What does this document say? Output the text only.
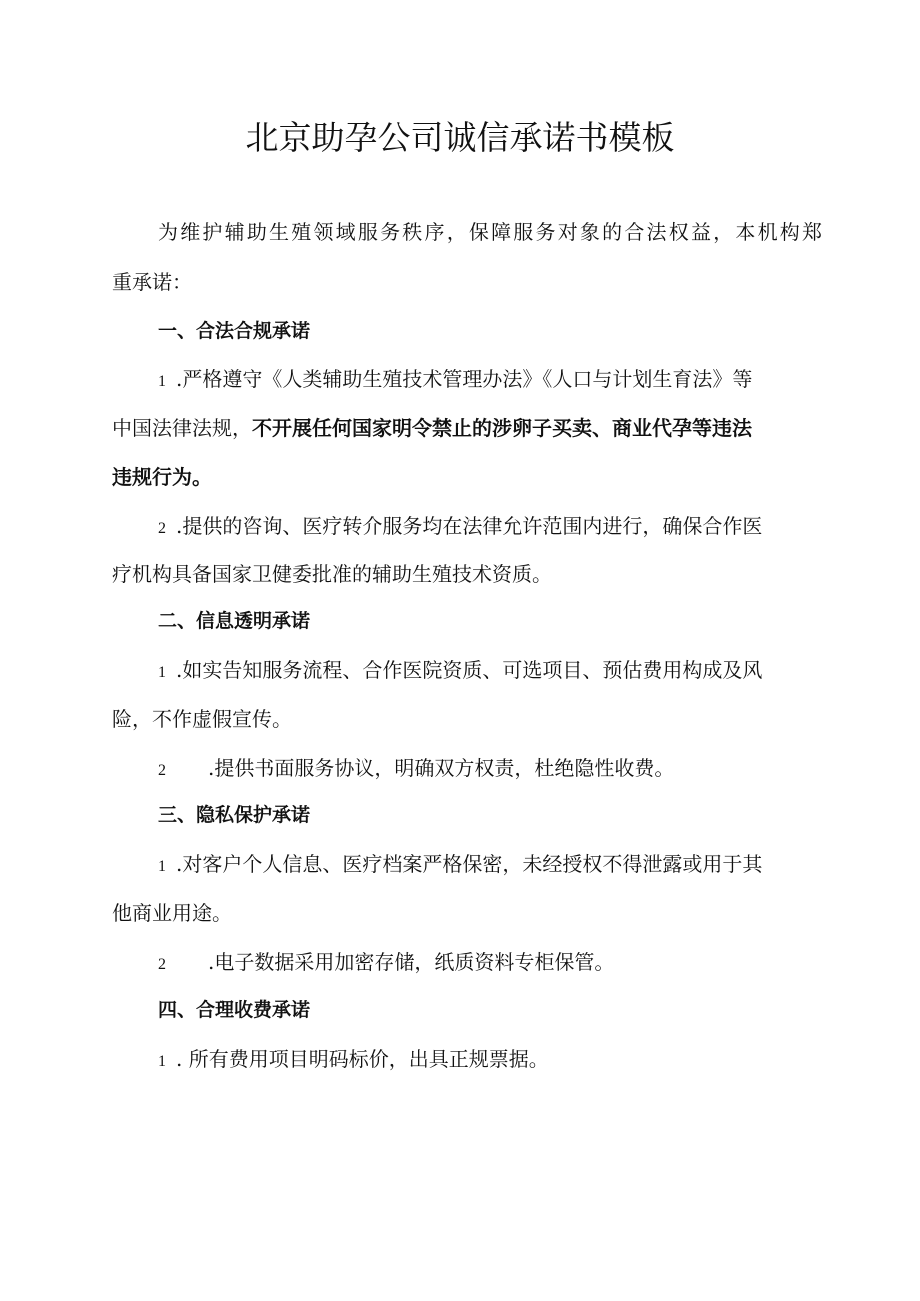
北京助孕公司诚信承诺书模板

为维护辅助生殖领域服务秩序，保障服务对象的合法权益，本机构郑

重承诺：

一、合法合规承诺

1 .严格遵守《人类辅助生殖技术管理办法》《人口与计划生育法》等

中国法律法规，不开展任何国家明令禁止的涉卵子买卖、商业代孕等违法

违规行为。

2 .提供的咨询、医疗转介服务均在法律允许范围内进行，确保合作医

疗机构具备国家卫健委批准的辅助生殖技术资质。

二、信息透明承诺

1 .如实告知服务流程、合作医院资质、可选项目、预估费用构成及风

险，不作虚假宣传。

2 .提供书面服务协议，明确双方权责，杜绝隐性收费。

三、隐私保护承诺

1 .对客户个人信息、医疗档案严格保密，未经授权不得泄露或用于其

他商业用途。

2 .电子数据采用加密存储，纸质资料专柜保管。

四、合理收费承诺

1 . 所有费用项目明码标价，出具正规票据。
